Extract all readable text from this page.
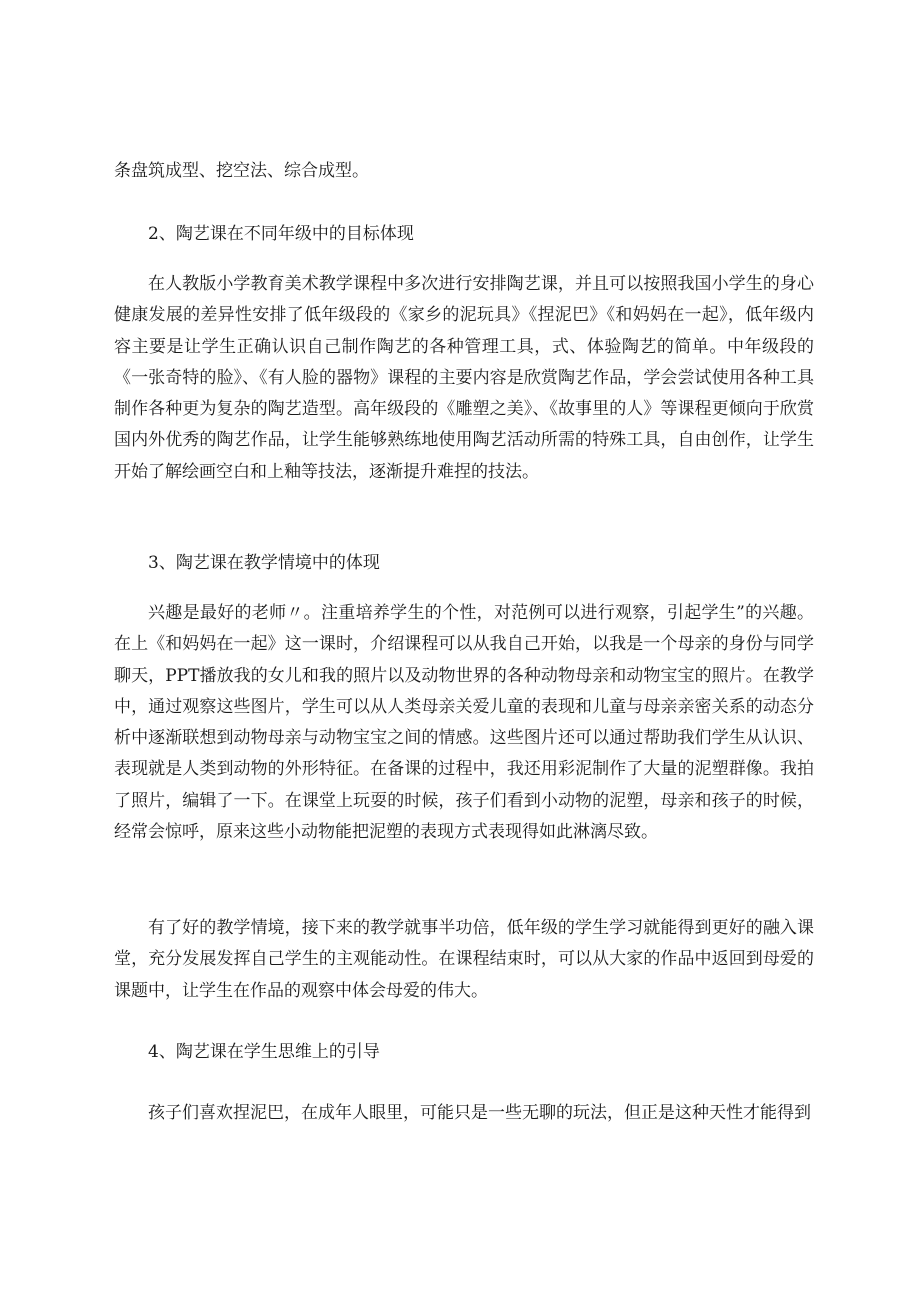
条盘筑成型、挖空法、综合成型。

2、陶艺课在不同年级中的目标体现

在人教版小学教育美术教学课程中多次进行安排陶艺课，并且可以按照我国小学生的身心健康发展的差异性安排了低年级段的《家乡的泥玩具》《捏泥巴》《和妈妈在一起》，低年级内容主要是让学生正确认识自己制作陶艺的各种管理工具，式、体验陶艺的简单。中年级段的《一张奇特的脸》、《有人脸的器物》课程的主要内容是欣赏陶艺作品，学会尝试使用各种工具制作各种更为复杂的陶艺造型。高年级段的《雕塑之美》、《故事里的人》等课程更倾向于欣赏国内外优秀的陶艺作品，让学生能够熟练地使用陶艺活动所需的特殊工具，自由创作，让学生开始了解绘画空白和上釉等技法，逐渐提升难捏的技法。

3、陶艺课在教学情境中的体现

兴趣是最好的老师〃。注重培养学生的个性，对范例可以进行观察，引起学生”的兴趣。在上《和妈妈在一起》这一课时，介绍课程可以从我自己开始，以我是一个母亲的身份与同学聊天，PPT播放我的女儿和我的照片以及动物世界的各种动物母亲和动物宝宝的照片。在教学中，通过观察这些图片，学生可以从人类母亲关爱儿童的表现和儿童与母亲亲密关系的动态分析中逐渐联想到动物母亲与动物宝宝之间的情感。这些图片还可以通过帮助我们学生从认识、表现就是人类到动物的外形特征。在备课的过程中，我还用彩泥制作了大量的泥塑群像。我拍了照片，编辑了一下。在课堂上玩耍的时候，孩子们看到小动物的泥塑，母亲和孩子的时候，经常会惊呼，原来这些小动物能把泥塑的表现方式表现得如此淋漓尽致。

有了好的教学情境，接下来的教学就事半功倍，低年级的学生学习就能得到更好的融入课堂，充分发展发挥自己学生的主观能动性。在课程结束时，可以从大家的作品中返回到母爱的课题中，让学生在作品的观察中体会母爱的伟大。

4、陶艺课在学生思维上的引导

孩子们喜欢捏泥巴，在成年人眼里，可能只是一些无聊的玩法，但正是这种天性才能得到
